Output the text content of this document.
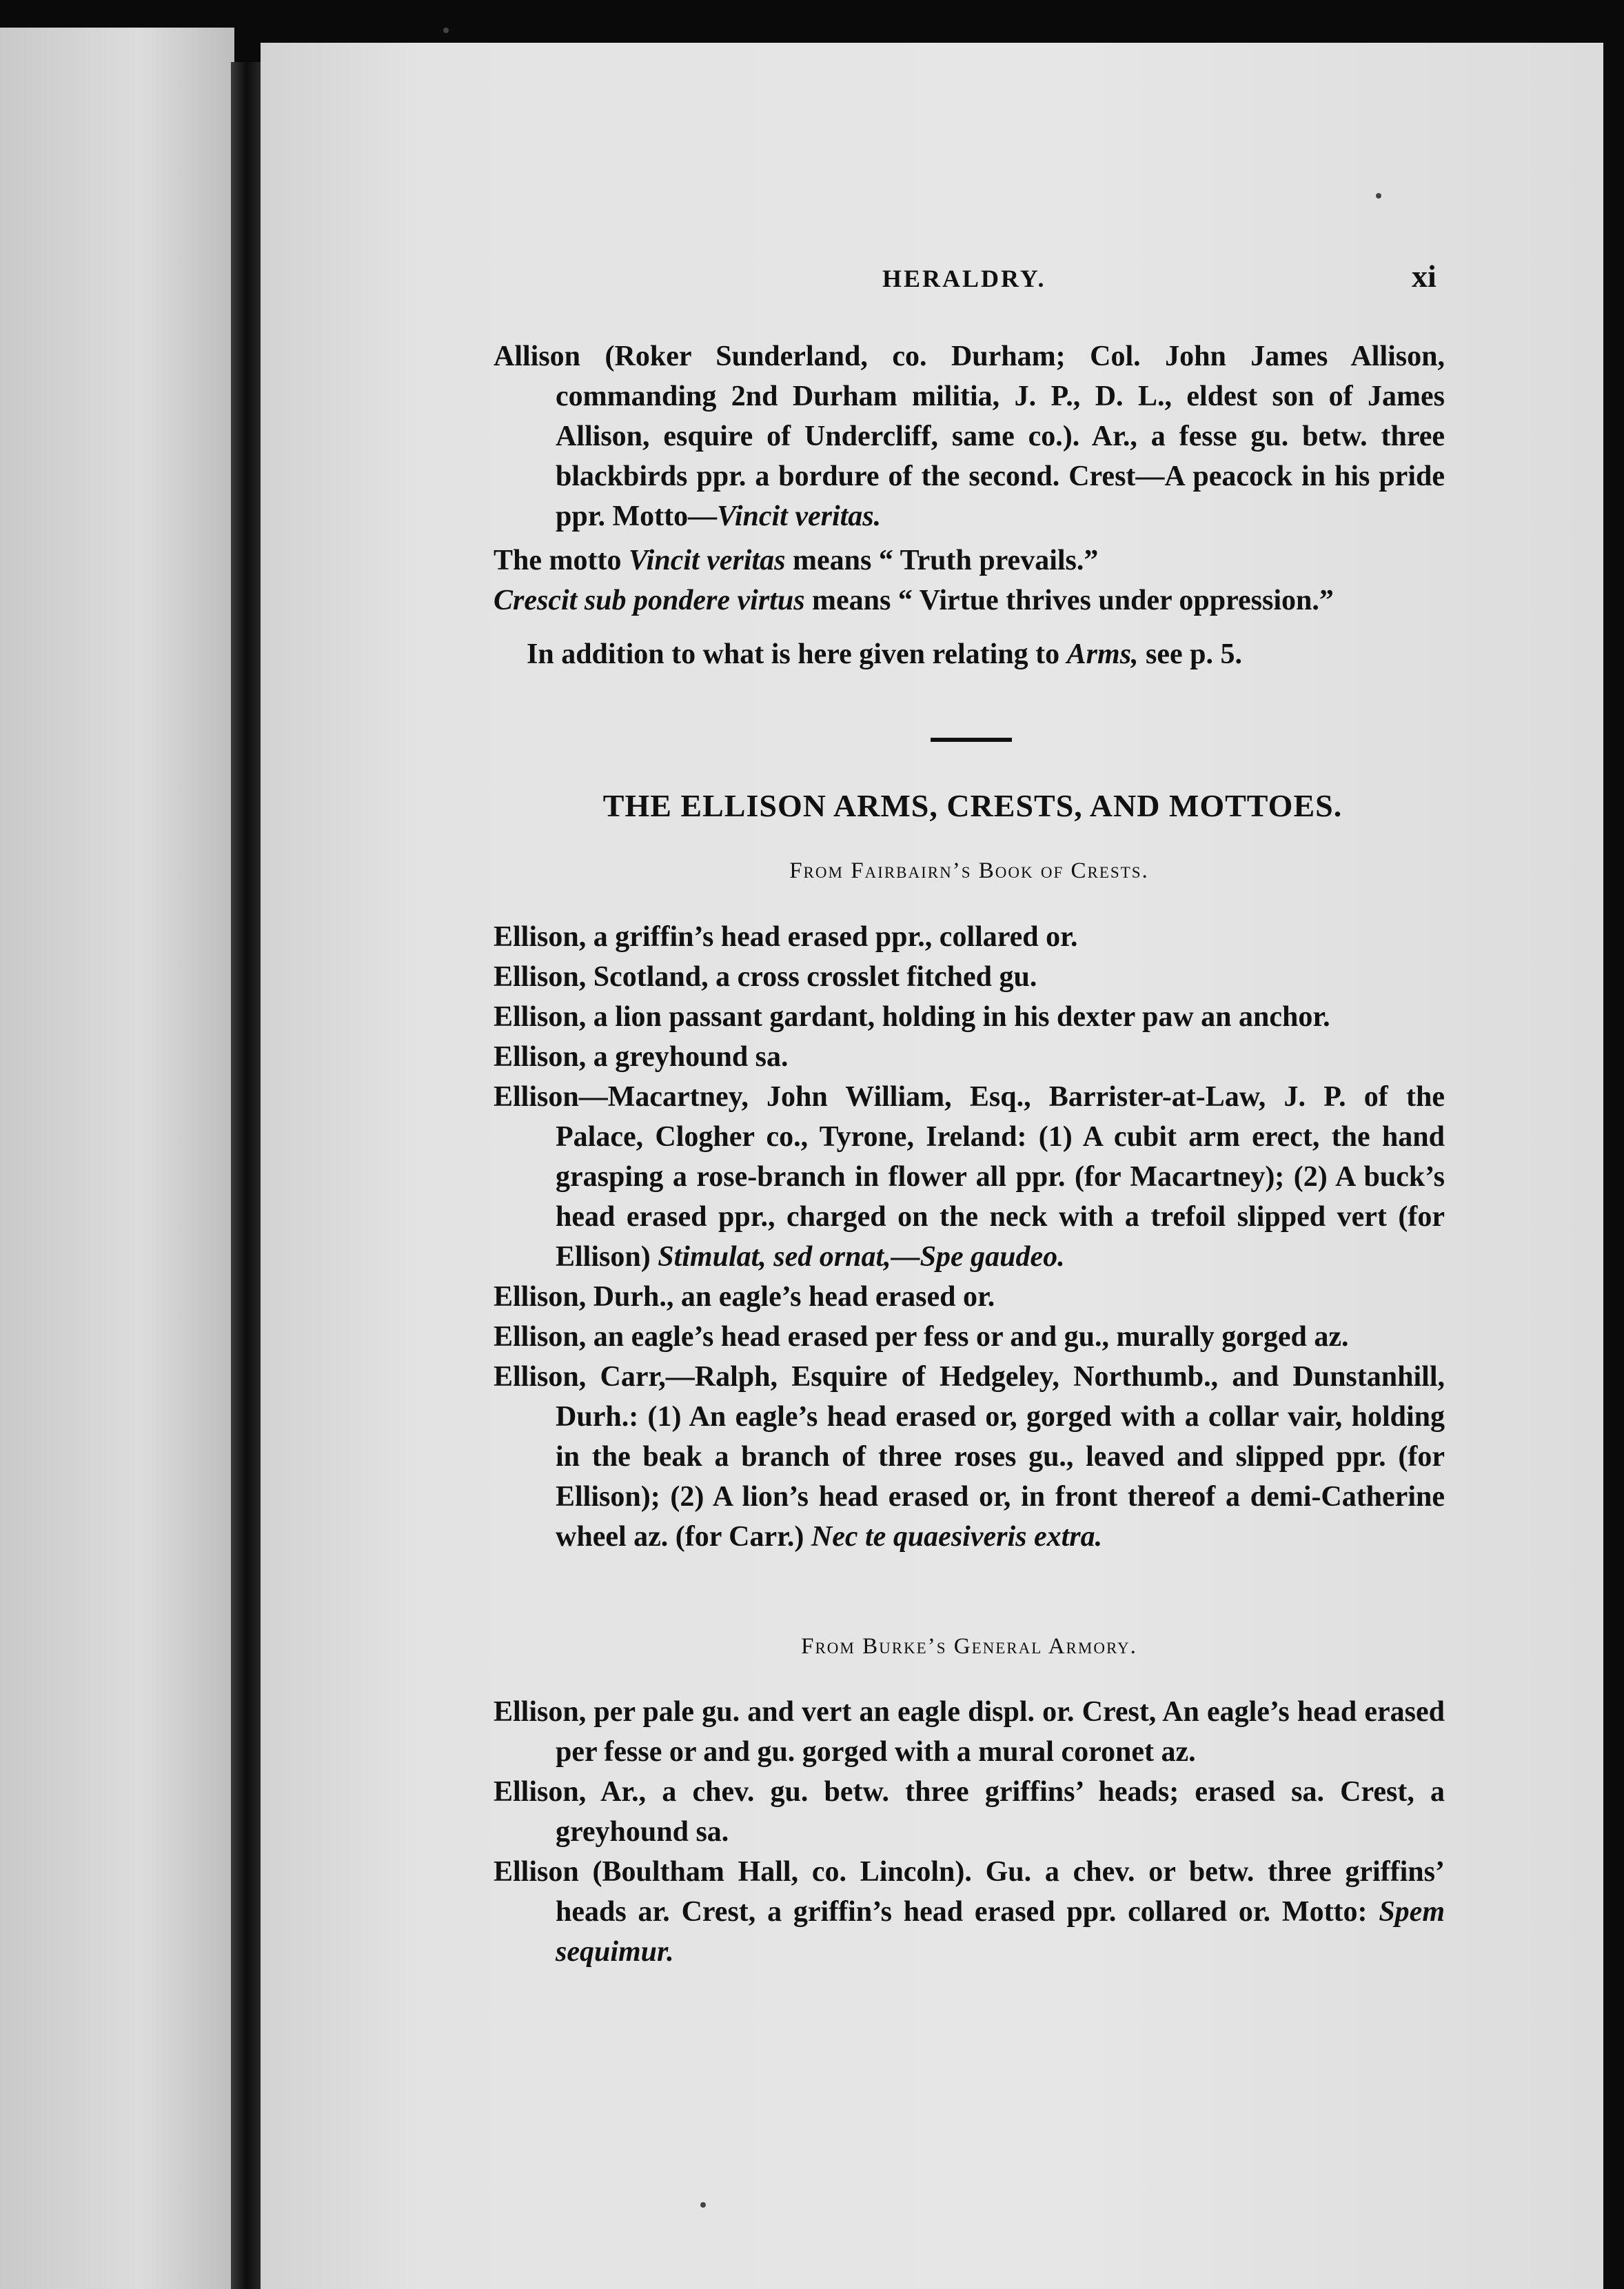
HERALDRY.	xi

Allison (Roker Sunderland, co. Durham; Col. John James Allison, commanding 2nd Durham militia, J. P., D. L., eldest son of James Allison, esquire of Undercliff, same co.). Ar., a fesse gu. betw. three blackbirds ppr. a bordure of the second. Crest—A peacock in his pride ppr. Motto—Vincit veritas.

The motto Vincit veritas means “ Truth prevails.”

Crescit sub pondere virtus means “ Virtue thrives under oppression.”

In addition to what is here given relating to Arms, see p. 5.

THE ELLISON ARMS, CRESTS, AND MOTTOES.
From Fairbairn’s Book of Crests.

Ellison, a griffin’s head erased ppr., collared or.

Ellison, Scotland, a cross crosslet fitched gu.

Ellison, a lion passant gardant, holding in his dexter paw an anchor.

Ellison, a greyhound sa.

Ellison—Macartney, John William, Esq., Barrister-at-Law, J. P. of the Palace, Clogher co., Tyrone, Ireland: (1) A cubit arm erect, the hand grasping a rose-branch in flower all ppr. (for Macartney); (2) A buck’s head erased ppr., charged on the neck with a trefoil slipped vert (for Ellison) Stimulat, sed ornat,—Spe gaudeo.

Ellison, Durh., an eagle’s head erased or.

Ellison, an eagle’s head erased per fess or and gu., murally gorged az.

Ellison, Carr,—Ralph, Esquire of Hedgeley, Northumb., and Dunstanhill, Durh.: (1) An eagle’s head erased or, gorged with a collar vair, holding in the beak a branch of three roses gu., leaved and slipped ppr. (for Ellison); (2) A lion’s head erased or, in front thereof a demi-Catherine wheel az. (for Carr.) Nec te quaesiveris extra.

From Burke’s General Armory.

Ellison, per pale gu. and vert an eagle displ. or. Crest, An eagle’s head erased per fesse or and gu. gorged with a mural coronet az.

Ellison, Ar., a chev. gu. betw. three griffins’ heads; erased sa. Crest, a greyhound sa.

Ellison (Boultham Hall, co. Lincoln). Gu. a chev. or betw. three griffins’ heads ar. Crest, a griffin’s head erased ppr. collared or. Motto: Spem sequimur.
